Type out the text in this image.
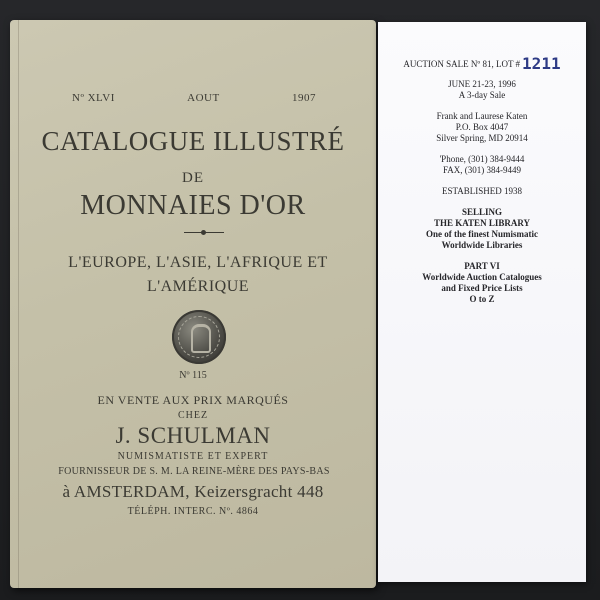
Nº XLVI	AOUT	1907
CATALOGUE ILLUSTRÉ
DE
MONNAIES D'OR
L'EUROPE, L'ASIE, L'AFRIQUE ET
L'AMÉRIQUE
Nº 115
EN VENTE AUX PRIX MARQUÉS
CHEZ
J. SCHULMAN
NUMISMATISTE ET EXPERT
FOURNISSEUR DE S. M. LA REINE-MÈRE DES PAYS-BAS
à AMSTERDAM, Keizersgracht 448
TÉLÉPH. INTERC. Nº. 4864
AUCTION SALE Nº 81, LOT # 1211
JUNE 21-23, 1996
A 3-day Sale
Frank and Laurese Katen
P.O. Box 4047
Silver Spring, MD 20914
'Phone, (301) 384-9444
FAX, (301) 384-9449
ESTABLISHED 1938
SELLING
THE KATEN LIBRARY
One of the finest Numismatic
Worldwide Libraries
PART VI
Worldwide Auction Catalogues
and Fixed Price Lists
O to Z
